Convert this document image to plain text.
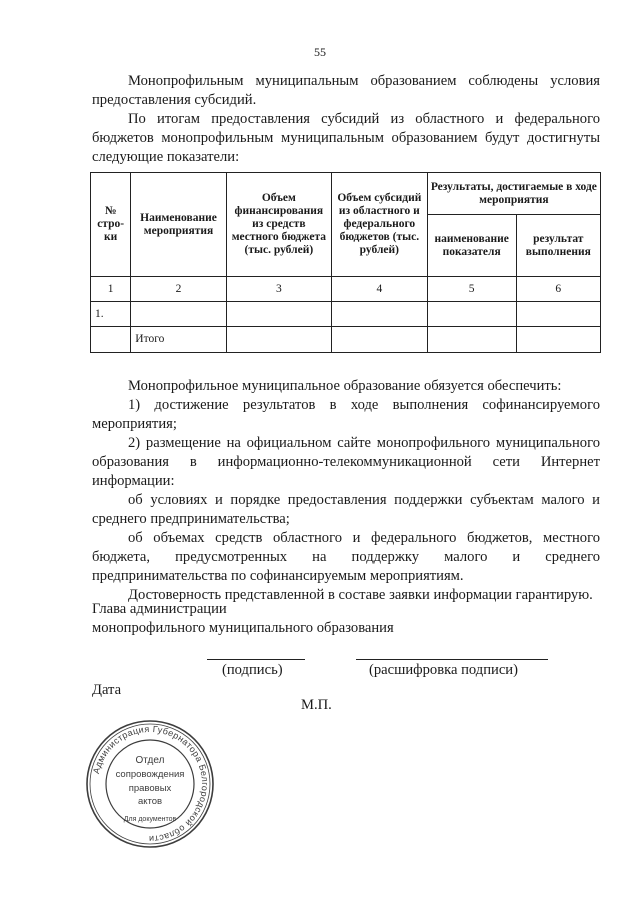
55

Монопрофильным муниципальным образованием соблюдены условия предоставления субсидий.

По итогам предоставления субсидий из областного и федерального бюджетов монопрофильным муниципальным образованием будут достигнуты следующие показатели:

№ стро- ки	Наименование мероприятия	Объем финансирования из средств местного бюджета (тыс. рублей)	Объем субсидий из областного и федерального бюджетов (тыс. рублей)	Результаты, достигаемые в ходе мероприятия	
				наименование показателя	результат выполнения
1	2	3	4	5	6
1.					
	Итого				

Монопрофильное муниципальное образование обязуется обеспечить:

1) достижение результатов в ходе выполнения софинансируемого мероприятия;

2) размещение на официальном сайте монопрофильного муниципального образования в информационно-телекоммуникационной сети Интернет информации:

об условиях и порядке предоставления поддержки субъектам малого и среднего предпринимательства;

об объемах средств областного и федерального бюджетов, местного бюджета, предусмотренных на поддержку малого и среднего предпринимательства по софинансируемым мероприятиям.

Достоверность представленной в составе заявки информации гарантирую.

Глава администрации

монопрофильного муниципального образования

(подпись)	(расшифровка подписи)
Дата
М.П.
Администрация Губернатора Белгородской области
Отдел
сопровождения
правовых
актов
Для документов
